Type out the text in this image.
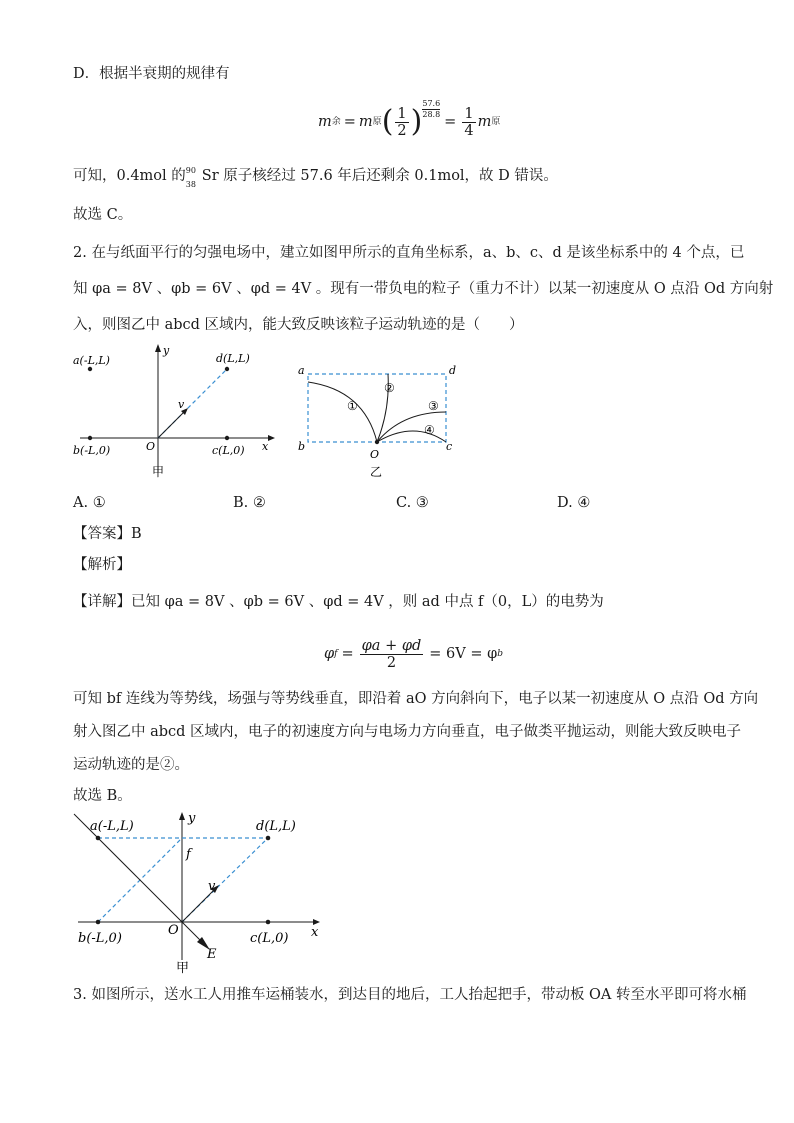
D．根据半衰期的规律有
m 余 = m 原 ( $\frac{1}{2}$ ) $\frac{57.6}{28.8}$
= $\frac{1}{4}$ m 原
可知，0.4mol 的 90
38
Sr 原子核经过 57.6 年后还剩余 0.1mol，故 D 错误。
故选 C。
2. 在与纸面平行的匀强电场中，建立如图甲所示的直角坐标系，a、b、c、d 是该坐标系中的 4 个点，已
知 φa = 8V 、φb = 6V 、φd = 4V 。现有一带负电的粒子（重力不计）以某一初速度从 O 点沿 Od 方向射
入，则图乙中 abcd 区域内，能大致反映该粒子运动轨迹的是（　　）
a(-L,L)	d(L,L)
b(-L,0)	c(L,0)
O	x
y
v
甲
a	d
b	c
O
①
②
③
④
乙
A. ①	B. ②	C. ③	D. ④
【答案】B
【解析】
【详解】已知 φa = 8V 、φb = 6V 、φd = 4V ，则 ad 中点 f（0，L）的电势为
φ $f = \frac{\varphi a + \varphi d}{2} = 6V = \varphi$ b
可知 bf 连线为等势线，场强与等势线垂直，即沿着 aO 方向斜向下，电子以某一初速度从 O 点沿 Od 方向
射入图乙中 abcd 区域内，电子的初速度方向与电场力方向垂直，电子做类平抛运动，则能大致反映电子
运动轨迹的是②。
故选 B。
a(-L,L)	d(L,L)
b(-L,0)	c(L,0)
O	x
y
f
v
E
甲
3. 如图所示，送水工人用推车运桶装水，到达目的地后，工人抬起把手，带动板 OA 转至水平即可将水桶
